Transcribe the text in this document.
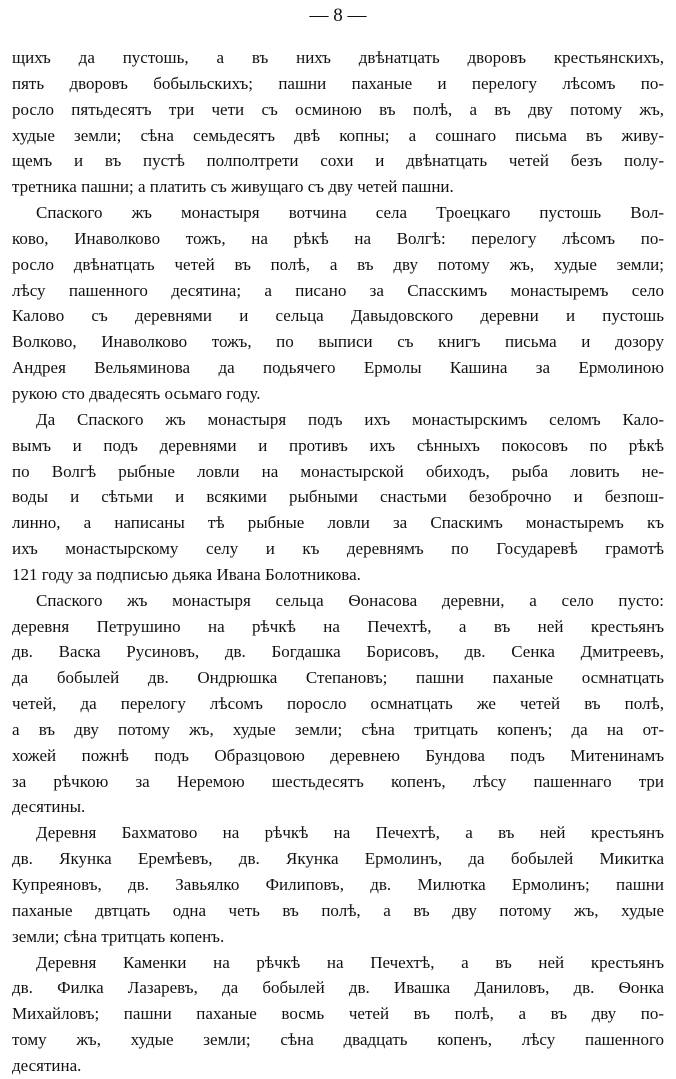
— 8 —
щихъ да пустошь, а въ нихъ двѣнатцать дворовъ крестьянскихъ,
пять дворовъ бобыльскихъ; пашни паханые и перелогу лѣсомъ по-
росло пятьдесятъ три чети съ осминою въ полѣ, а въ дву потому жъ,
худые земли; сѣна семьдесятъ двѣ копны; а сошнаго письма въ живу-
щемъ и въ пустѣ полполтрети сохи и двѣнатцать четей безъ полу-
третника пашни; а платить съ живущаго съ дву четей пашни.
Спаского жъ монастыря вотчина села Троецкаго пустошь Вол-
ково, Инаволково тожъ, на рѣкѣ на Волгѣ: перелогу лѣсомъ по-
росло двѣнатцать четей въ полѣ, а въ дву потому жъ, худые земли;
лѣсу пашенного десятина; а писано за Спасскимъ монастыремъ село
Калово съ деревнями и сельца Давыдовского деревни и пустошь
Волково, Инаволково тожъ, по выписи съ книгъ письма и дозору
Андрея Вельяминова да подьячего Ермолы Кашина за Ермолиною
рукою сто двадесять осьмаго году.
Да Спаского жъ монастыря подъ ихъ монастырскимъ селомъ Кало-
вымъ и подъ деревнями и противъ ихъ сѣнныхъ покосовъ по рѣкѣ
по Волгѣ рыбные ловли на монастырской обиходъ, рыба ловить не-
воды и сѣтьми и всякими рыбными снастьми безоброчно и безпош-
линно, а написаны тѣ рыбные ловли за Спаскимъ монастыремъ къ
ихъ монастырскому селу и къ деревнямъ по Государевѣ грамотѣ
121 году за подписью дьяка Ивана Болотникова.
Спаского жъ монастыря сельца Ѳонасова деревни, а село пусто:
деревня Петрушино на рѣчкѣ на Печехтѣ, а въ ней крестьянъ
дв. Васка Русиновъ, дв. Богдашка Борисовъ, дв. Сенка Дмитреевъ,
да бобылей дв. Ондрюшка Степановъ; пашни паханые осмнатцать
четей, да перелогу лѣсомъ поросло осмнатцать же четей въ полѣ,
а въ дву потому жъ, худые земли; сѣна тритцать копенъ; да на от-
хожей пожнѣ подъ Образцовою деревнею Бундова подъ Митенинамъ
за рѣчкою за Неремою шестьдесятъ копенъ, лѣсу пашеннаго три
десятины.
Деревня Бахматово на рѣчкѣ на Печехтѣ, а въ ней крестьянъ
дв. Якунка Еремѣевъ, дв. Якунка Ермолинъ, да бобылей Микитка
Купреяновъ, дв. Завьялко Филиповъ, дв. Милютка Ермолинъ; пашни
паханые двтцать одна четь въ полѣ, а въ дву потому жъ, худые
земли; сѣна тритцать копенъ.
Деревня Каменки на рѣчкѣ на Печехтѣ, а въ ней крестьянъ
дв. Филка Лазаревъ, да бобылей дв. Ивашка Даниловъ, дв. Ѳонка
Михайловъ; пашни паханые восмь четей въ полѣ, а въ дву по-
тому жъ, худые земли; сѣна двадцать копенъ, лѣсу пашенного
десятина.
